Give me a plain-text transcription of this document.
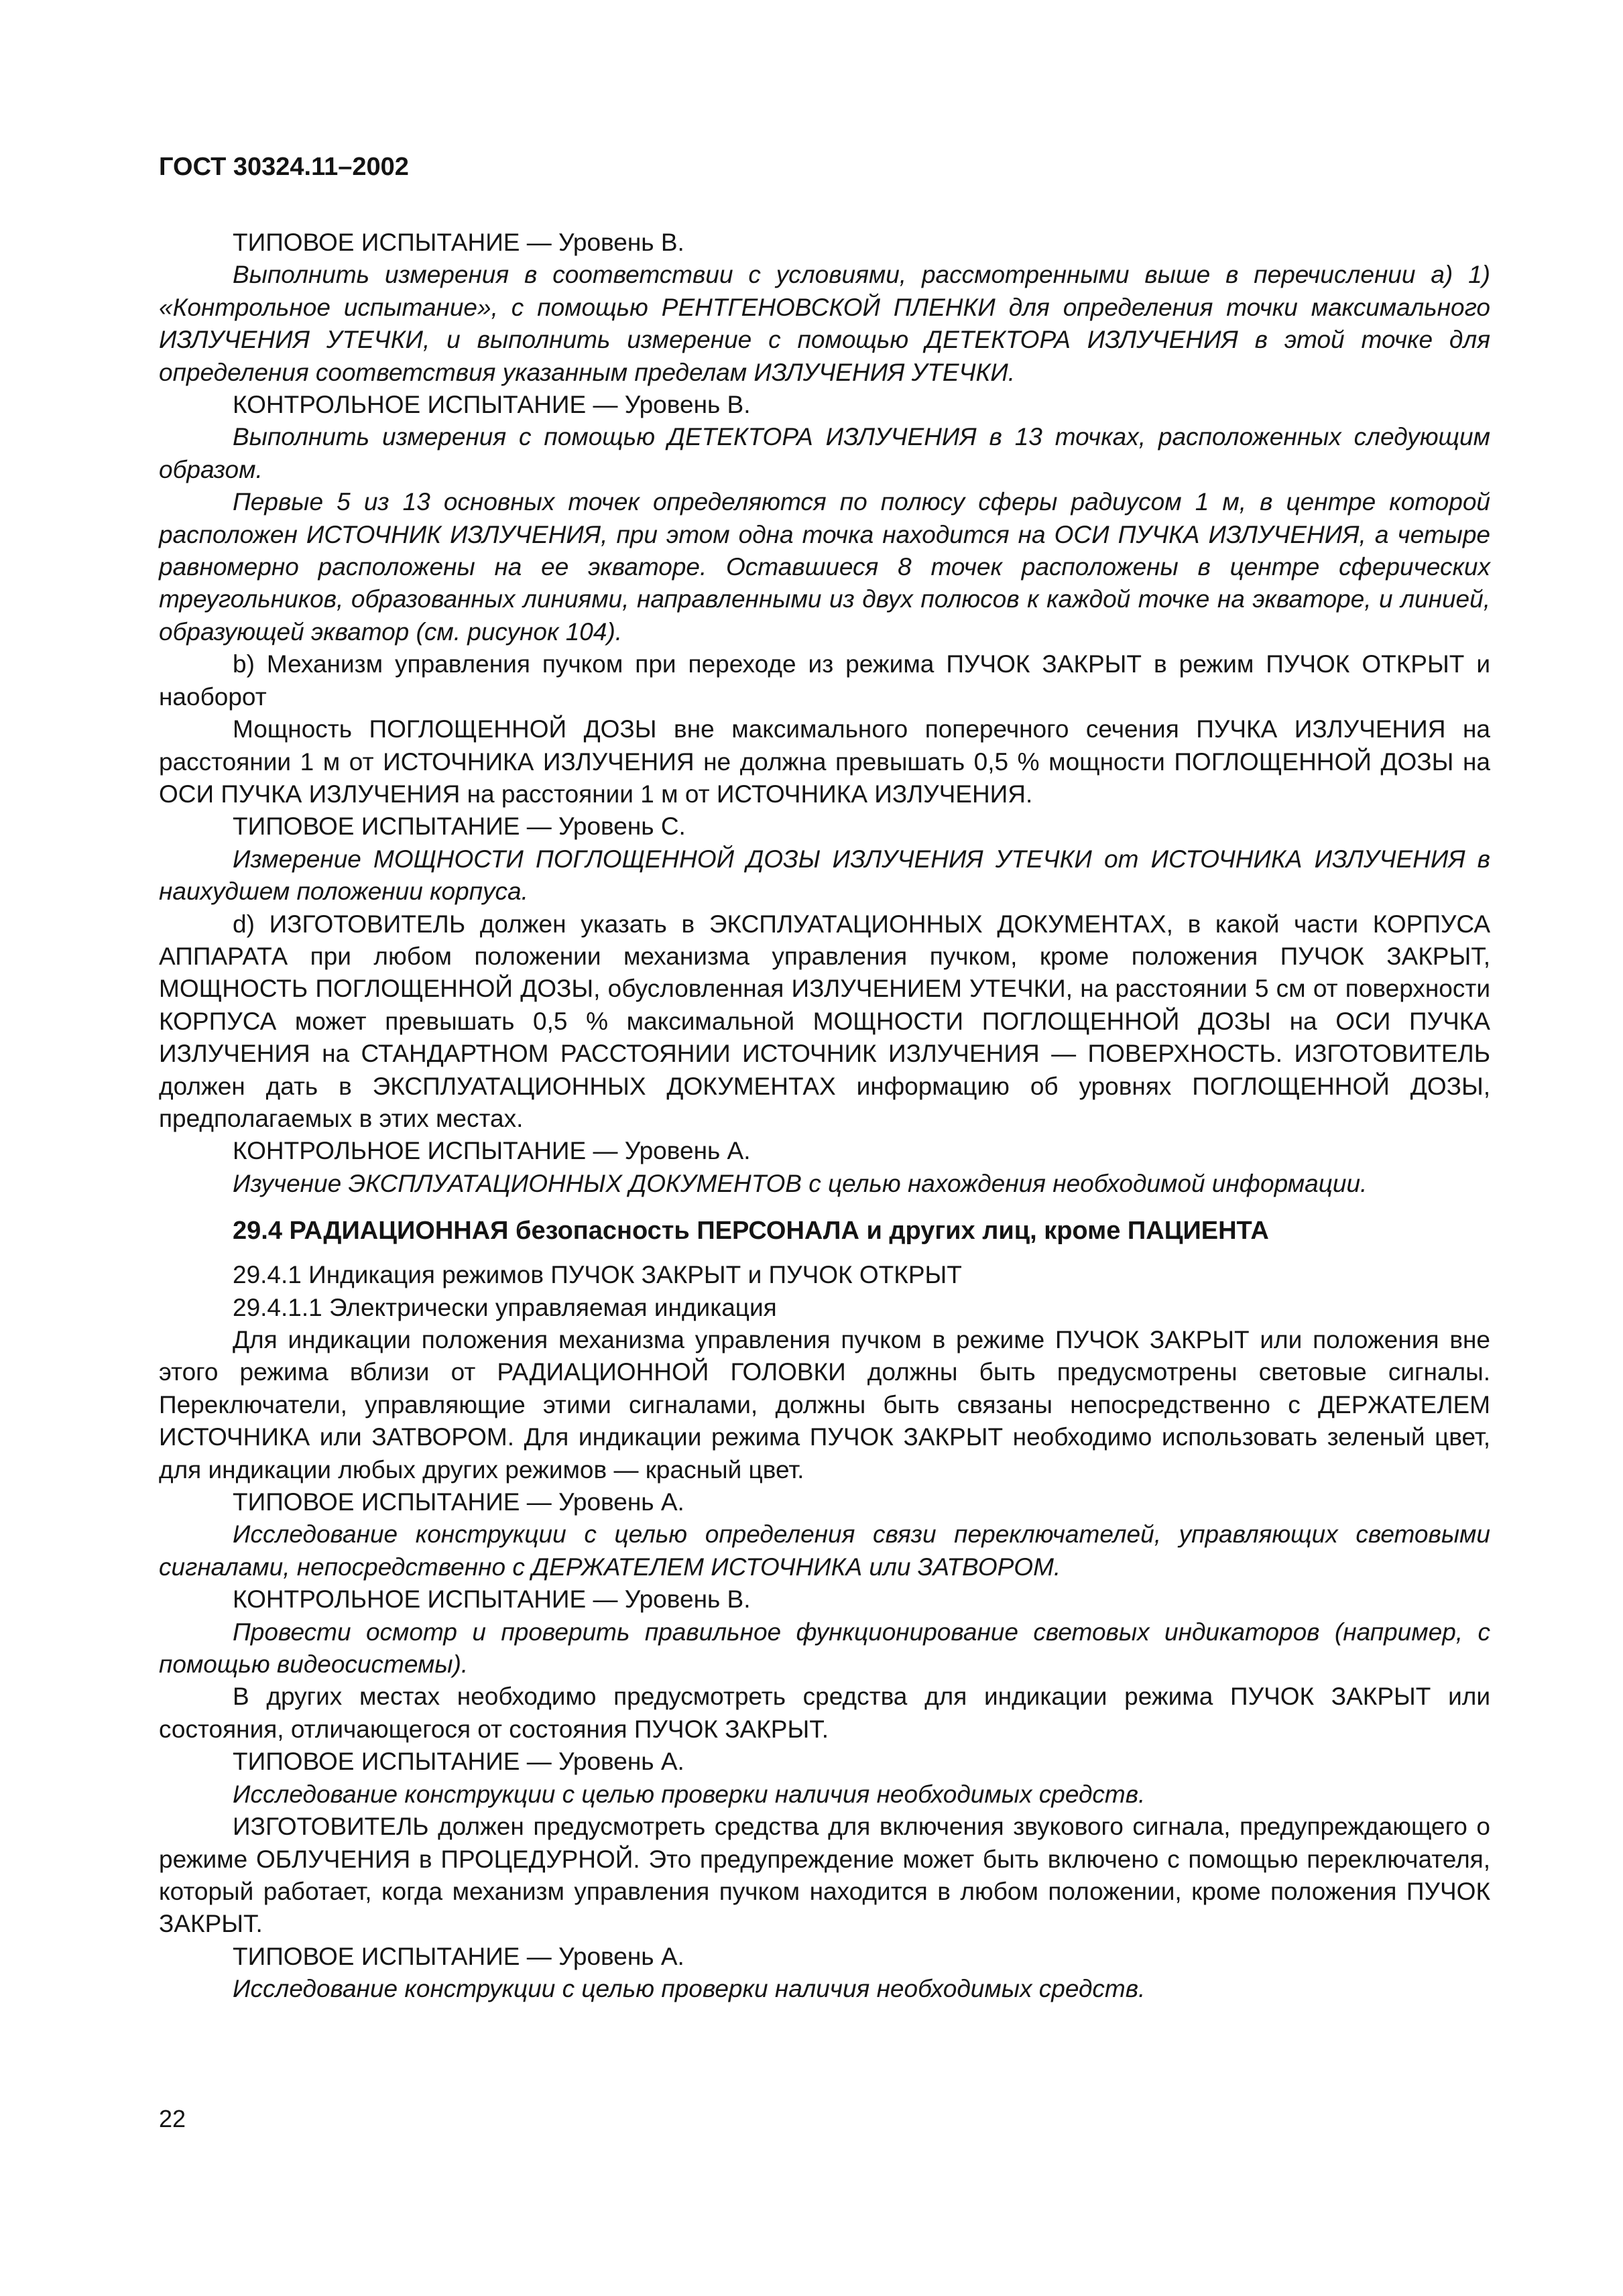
ГОСТ 30324.11–2002

ТИПОВОЕ ИСПЫТАНИЕ — Уровень В.

Выполнить измерения в соответствии с условиями, рассмотренными выше в перечислении а) 1) «Контрольное испытание», с помощью РЕНТГЕНОВСКОЙ ПЛЕНКИ для определения точки максимального ИЗЛУЧЕНИЯ УТЕЧКИ, и выполнить измерение с помощью ДЕТЕКТОРА ИЗЛУЧЕНИЯ в этой точке для определения соответствия указанным пределам ИЗЛУЧЕНИЯ УТЕЧКИ.

КОНТРОЛЬНОЕ ИСПЫТАНИЕ — Уровень В.

Выполнить измерения с помощью ДЕТЕКТОРА ИЗЛУЧЕНИЯ в 13 точках, расположенных следующим образом.

Первые 5 из 13 основных точек определяются по полюсу сферы радиусом 1 м, в центре которой расположен ИСТОЧНИК ИЗЛУЧЕНИЯ, при этом одна точка находится на ОСИ ПУЧКА ИЗЛУЧЕНИЯ, а четыре равномерно расположены на ее экваторе. Оставшиеся 8 точек расположены в центре сферических треугольников, образованных линиями, направленными из двух полюсов к каждой точке на экваторе, и линией, образующей экватор (см. рисунок 104).

b) Механизм управления пучком при переходе из режима ПУЧОК ЗАКРЫТ в режим ПУЧОК ОТКРЫТ и наоборот

Мощность ПОГЛОЩЕННОЙ ДОЗЫ вне максимального поперечного сечения ПУЧКА ИЗЛУЧЕНИЯ на расстоянии 1 м от ИСТОЧНИКА ИЗЛУЧЕНИЯ не должна превышать 0,5 % мощности ПОГЛОЩЕННОЙ ДОЗЫ на ОСИ ПУЧКА ИЗЛУЧЕНИЯ на расстоянии 1 м от ИСТОЧНИКА ИЗЛУЧЕНИЯ.

ТИПОВОЕ ИСПЫТАНИЕ — Уровень С.

Измерение МОЩНОСТИ ПОГЛОЩЕННОЙ ДОЗЫ ИЗЛУЧЕНИЯ УТЕЧКИ от ИСТОЧНИКА ИЗЛУЧЕНИЯ в наихудшем положении корпуса.

d) ИЗГОТОВИТЕЛЬ должен указать в ЭКСПЛУАТАЦИОННЫХ ДОКУМЕНТАХ, в какой части КОРПУСА АППАРАТА при любом положении механизма управления пучком, кроме положения ПУЧОК ЗАКРЫТ, МОЩНОСТЬ ПОГЛОЩЕННОЙ ДОЗЫ, обусловленная ИЗЛУЧЕНИЕМ УТЕЧКИ, на расстоянии 5 см от поверхности КОРПУСА может превышать 0,5 % максимальной МОЩНОСТИ ПОГЛОЩЕННОЙ ДОЗЫ на ОСИ ПУЧКА ИЗЛУЧЕНИЯ на СТАНДАРТНОМ РАССТОЯНИИ ИСТОЧНИК ИЗЛУЧЕНИЯ — ПОВЕРХНОСТЬ. ИЗГОТОВИТЕЛЬ должен дать в ЭКСПЛУАТАЦИОННЫХ ДОКУМЕНТАХ информацию об уровнях ПОГЛОЩЕННОЙ ДОЗЫ, предполагаемых в этих местах.

КОНТРОЛЬНОЕ ИСПЫТАНИЕ — Уровень А.

Изучение ЭКСПЛУАТАЦИОННЫХ ДОКУМЕНТОВ с целью нахождения необходимой информации.

29.4 РАДИАЦИОННАЯ безопасность ПЕРСОНАЛА и других лиц, кроме ПАЦИЕНТА

29.4.1 Индикация режимов ПУЧОК ЗАКРЫТ и ПУЧОК ОТКРЫТ

29.4.1.1 Электрически управляемая индикация

Для индикации положения механизма управления пучком в режиме ПУЧОК ЗАКРЫТ или положения вне этого режима вблизи от РАДИАЦИОННОЙ ГОЛОВКИ должны быть предусмотрены световые сигналы. Переключатели, управляющие этими сигналами, должны быть связаны непосредственно с ДЕРЖАТЕЛЕМ ИСТОЧНИКА или ЗАТВОРОМ. Для индикации режима ПУЧОК ЗАКРЫТ необходимо использовать зеленый цвет, для индикации любых других режимов — красный цвет.

ТИПОВОЕ ИСПЫТАНИЕ — Уровень А.

Исследование конструкции с целью определения связи переключателей, управляющих световыми сигналами, непосредственно с ДЕРЖАТЕЛЕМ ИСТОЧНИКА или ЗАТВОРОМ.

КОНТРОЛЬНОЕ ИСПЫТАНИЕ — Уровень В.

Провести осмотр и проверить правильное функционирование световых индикаторов (например, с помощью видеосистемы).

В других местах необходимо предусмотреть средства для индикации режима ПУЧОК ЗАКРЫТ или состояния, отличающегося от состояния ПУЧОК ЗАКРЫТ.

ТИПОВОЕ ИСПЫТАНИЕ — Уровень А.

Исследование конструкции с целью проверки наличия необходимых средств.

ИЗГОТОВИТЕЛЬ должен предусмотреть средства для включения звукового сигнала, предупреждающего о режиме ОБЛУЧЕНИЯ в ПРОЦЕДУРНОЙ. Это предупреждение может быть включено с помощью переключателя, который работает, когда механизм управления пучком находится в любом положении, кроме положения ПУЧОК ЗАКРЫТ.

ТИПОВОЕ ИСПЫТАНИЕ — Уровень А.

Исследование конструкции с целью проверки наличия необходимых средств.

22
